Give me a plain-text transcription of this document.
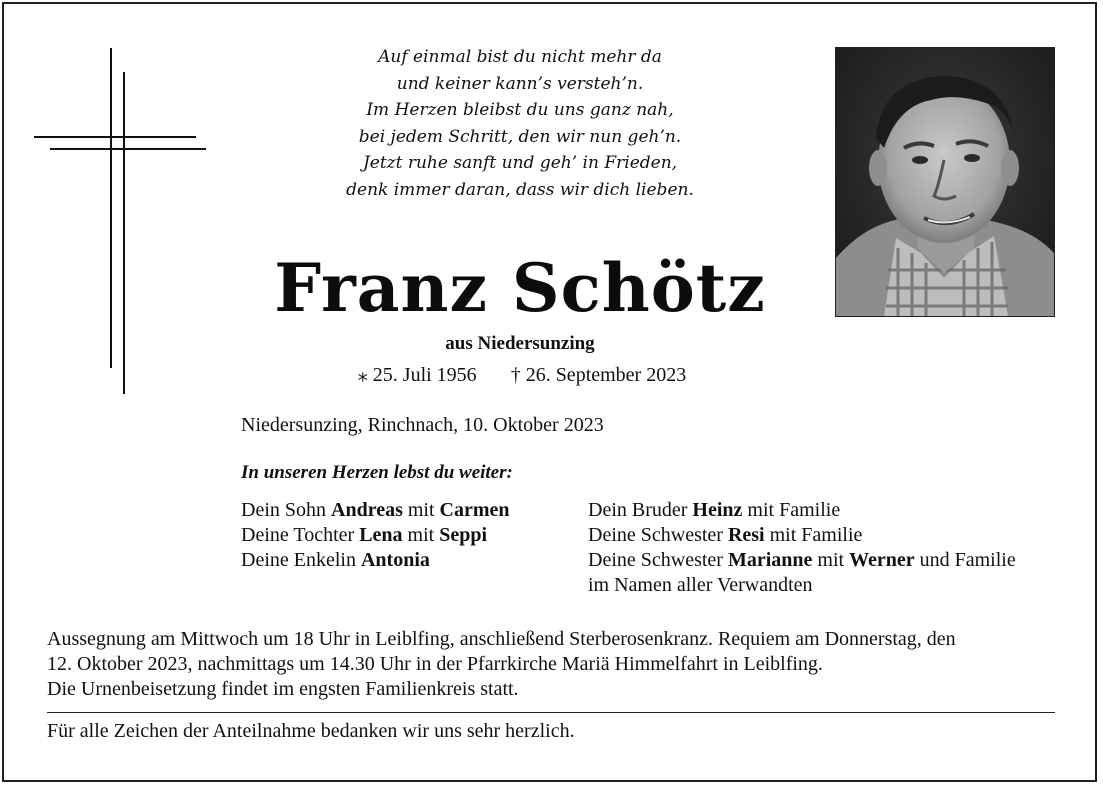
Auf einmal bist du nicht mehr da
und keiner kann’s versteh’n.
Im Herzen bleibst du uns ganz nah,
bei jedem Schritt, den wir nun geh’n.
Jetzt ruhe sanft und geh’ in Frieden,
denk immer daran, dass wir dich lieben.
Franz Schötz
aus Niedersunzing
⁎ 25. Juli 1956 † 26. September 2023
Niedersunzing, Rinchnach, 10. Oktober 2023
In unseren Herzen lebst du weiter:
Dein Sohn Andreas mit Carmen
Deine Tochter Lena mit Seppi
Deine Enkelin Antonia
Dein Bruder Heinz mit Familie
Deine Schwester Resi mit Familie
Deine Schwester Marianne mit Werner und Familie
im Namen aller Verwandten
Aussegnung am Mittwoch um 18 Uhr in Leiblfing, anschließend Sterberosenkranz. Requiem am Donnerstag, den
12. Oktober 2023, nachmittags um 14.30 Uhr in der Pfarrkirche Mariä Himmelfahrt in Leiblfing.
Die Urnenbeisetzung findet im engsten Familienkreis statt.
Für alle Zeichen der Anteilnahme bedanken wir uns sehr herzlich.
